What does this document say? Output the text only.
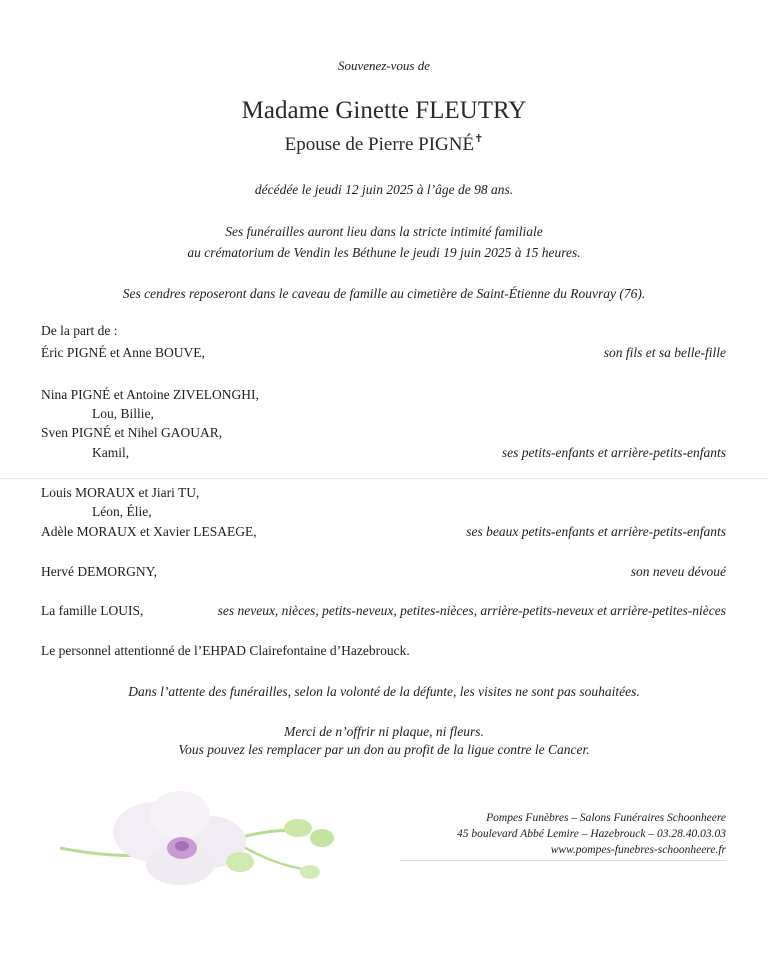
Souvenez-vous de
Madame Ginette FLEUTRY
Epouse de Pierre PIGNÉ✝
décédée le jeudi 12 juin 2025 à l’âge de 98 ans.
Ses funérailles auront lieu dans la stricte intimité familiale
au crématorium de Vendin les Béthune le jeudi 19 juin 2025 à 15 heures.
Ses cendres reposeront dans le caveau de famille au cimetière de Saint-Étienne du Rouvray (76).
De la part de :
Éric PIGNÉ et Anne BOUVE,	son fils et sa belle-fille
Nina PIGNÉ et Antoine ZIVELONGHI,
Lou, Billie,
Sven PIGNÉ et Nihel GAOUAR,
Kamil,	ses petits-enfants et arrière-petits-enfants
Louis MORAUX et Jiari TU,
Léon, Élie,
Adèle MORAUX et Xavier LESAEGE,	ses beaux petits-enfants et arrière-petits-enfants
Hervé DEMORGNY,	son neveu dévoué
La famille LOUIS,	ses neveux, nièces, petits-neveux, petites-nièces, arrière-petits-neveux et arrière-petites-nièces
Le personnel attentionné de l’EHPAD Clairefontaine d’Hazebrouck.
Dans l’attente des funérailles, selon la volonté de la défunte, les visites ne sont pas souhaitées.
Merci de n’offrir ni plaque, ni fleurs.
Vous pouvez les remplacer par un don au profit de la ligue contre le Cancer.
Pompes Funèbres – Salons Funéraires Schoonheere
45 boulevard Abbé Lemire – Hazebrouck – 03.28.40.03.03
www.pompes-funebres-schoonheere.fr
